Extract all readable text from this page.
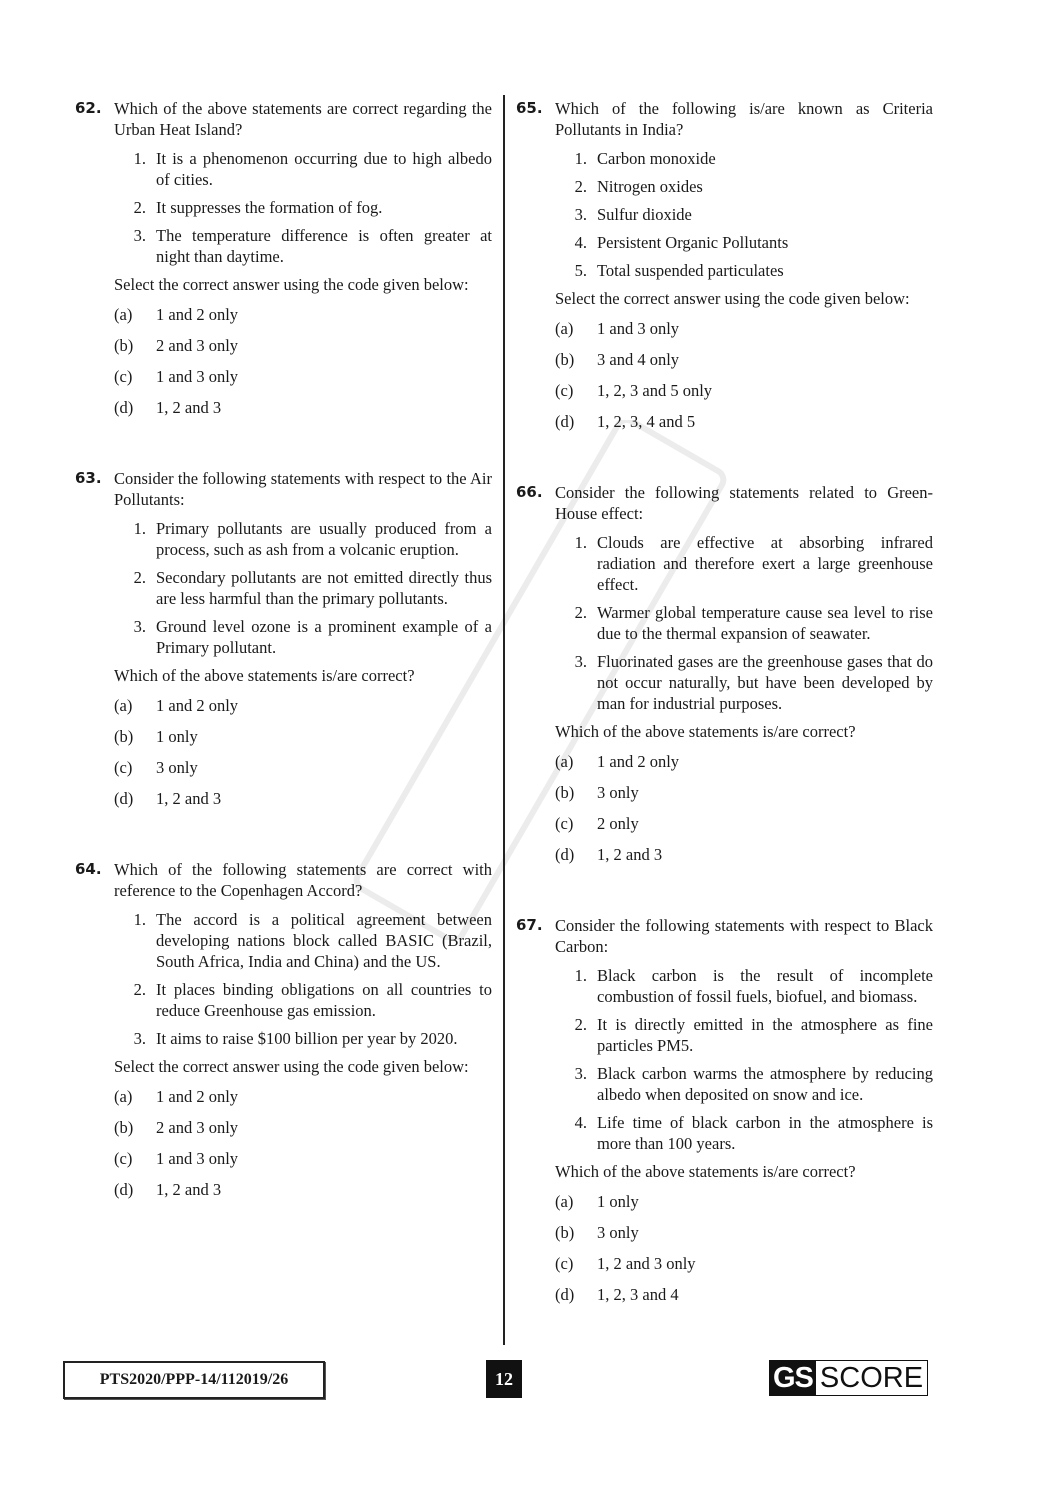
62. Which of the above statements are correct regarding the Urban Heat Island?
1. It is a phenomenon occurring due to high albedo of cities.
2. It suppresses the formation of fog.
3. The temperature difference is often greater at night than daytime.
Select the correct answer using the code given below:
(a)	1 and 2 only
(b)	2 and 3 only
(c)	1 and 3 only
(d)	1, 2 and 3
63. Consider the following statements with respect to the Air Pollutants:
1. Primary pollutants are usually produced from a process, such as ash from a volcanic eruption.
2. Secondary pollutants are not emitted directly thus are less harmful than the primary pollutants.
3. Ground level ozone is a prominent example of a Primary pollutant.
Which of the above statements is/are correct?
(a)	1 and 2 only
(b)	1 only
(c)	3 only
(d)	1, 2 and 3
64. Which of the following statements are correct with reference to the Copenhagen Accord?
1. The accord is a political agreement between developing nations block called BASIC (Brazil, South Africa, India and China) and the US.
2. It places binding obligations on all countries to reduce Greenhouse gas emission.
3. It aims to raise $100 billion per year by 2020.
Select the correct answer using the code given below:
(a)	1 and 2 only
(b)	2 and 3 only
(c)	1 and 3 only
(d)	1, 2 and 3
65. Which of the following is/are known as Criteria Pollutants in India?
1. Carbon monoxide
2. Nitrogen oxides
3. Sulfur dioxide
4. Persistent Organic Pollutants
5. Total suspended particulates
Select the correct answer using the code given below:
(a)	1 and 3 only
(b)	3 and 4 only
(c)	1, 2, 3 and 5 only
(d)	1, 2, 3, 4 and 5
66. Consider the following statements related to Green-House effect:
1. Clouds are effective at absorbing infrared radiation and therefore exert a large greenhouse effect.
2. Warmer global temperature cause sea level to rise due to the thermal expansion of seawater.
3. Fluorinated gases are the greenhouse gases that do not occur naturally, but have been developed by man for industrial purposes.
Which of the above statements is/are correct?
(a)	1 and 2 only
(b)	3 only
(c)	2 only
(d)	1, 2 and 3
67. Consider the following statements with respect to Black Carbon:
1. Black carbon is the result of incomplete combustion of fossil fuels, biofuel, and biomass.
2. It is directly emitted in the atmosphere as fine particles PM5.
3. Black carbon warms the atmosphere by reducing albedo when deposited on snow and ice.
4. Life time of black carbon in the atmosphere is more than 100 years.
Which of the above statements is/are correct?
(a)	1 only
(b)	3 only
(c)	1, 2 and 3 only
(d)	1, 2, 3 and 4
PTS2020/PPP-14/112019/26	12	GS SCORE
